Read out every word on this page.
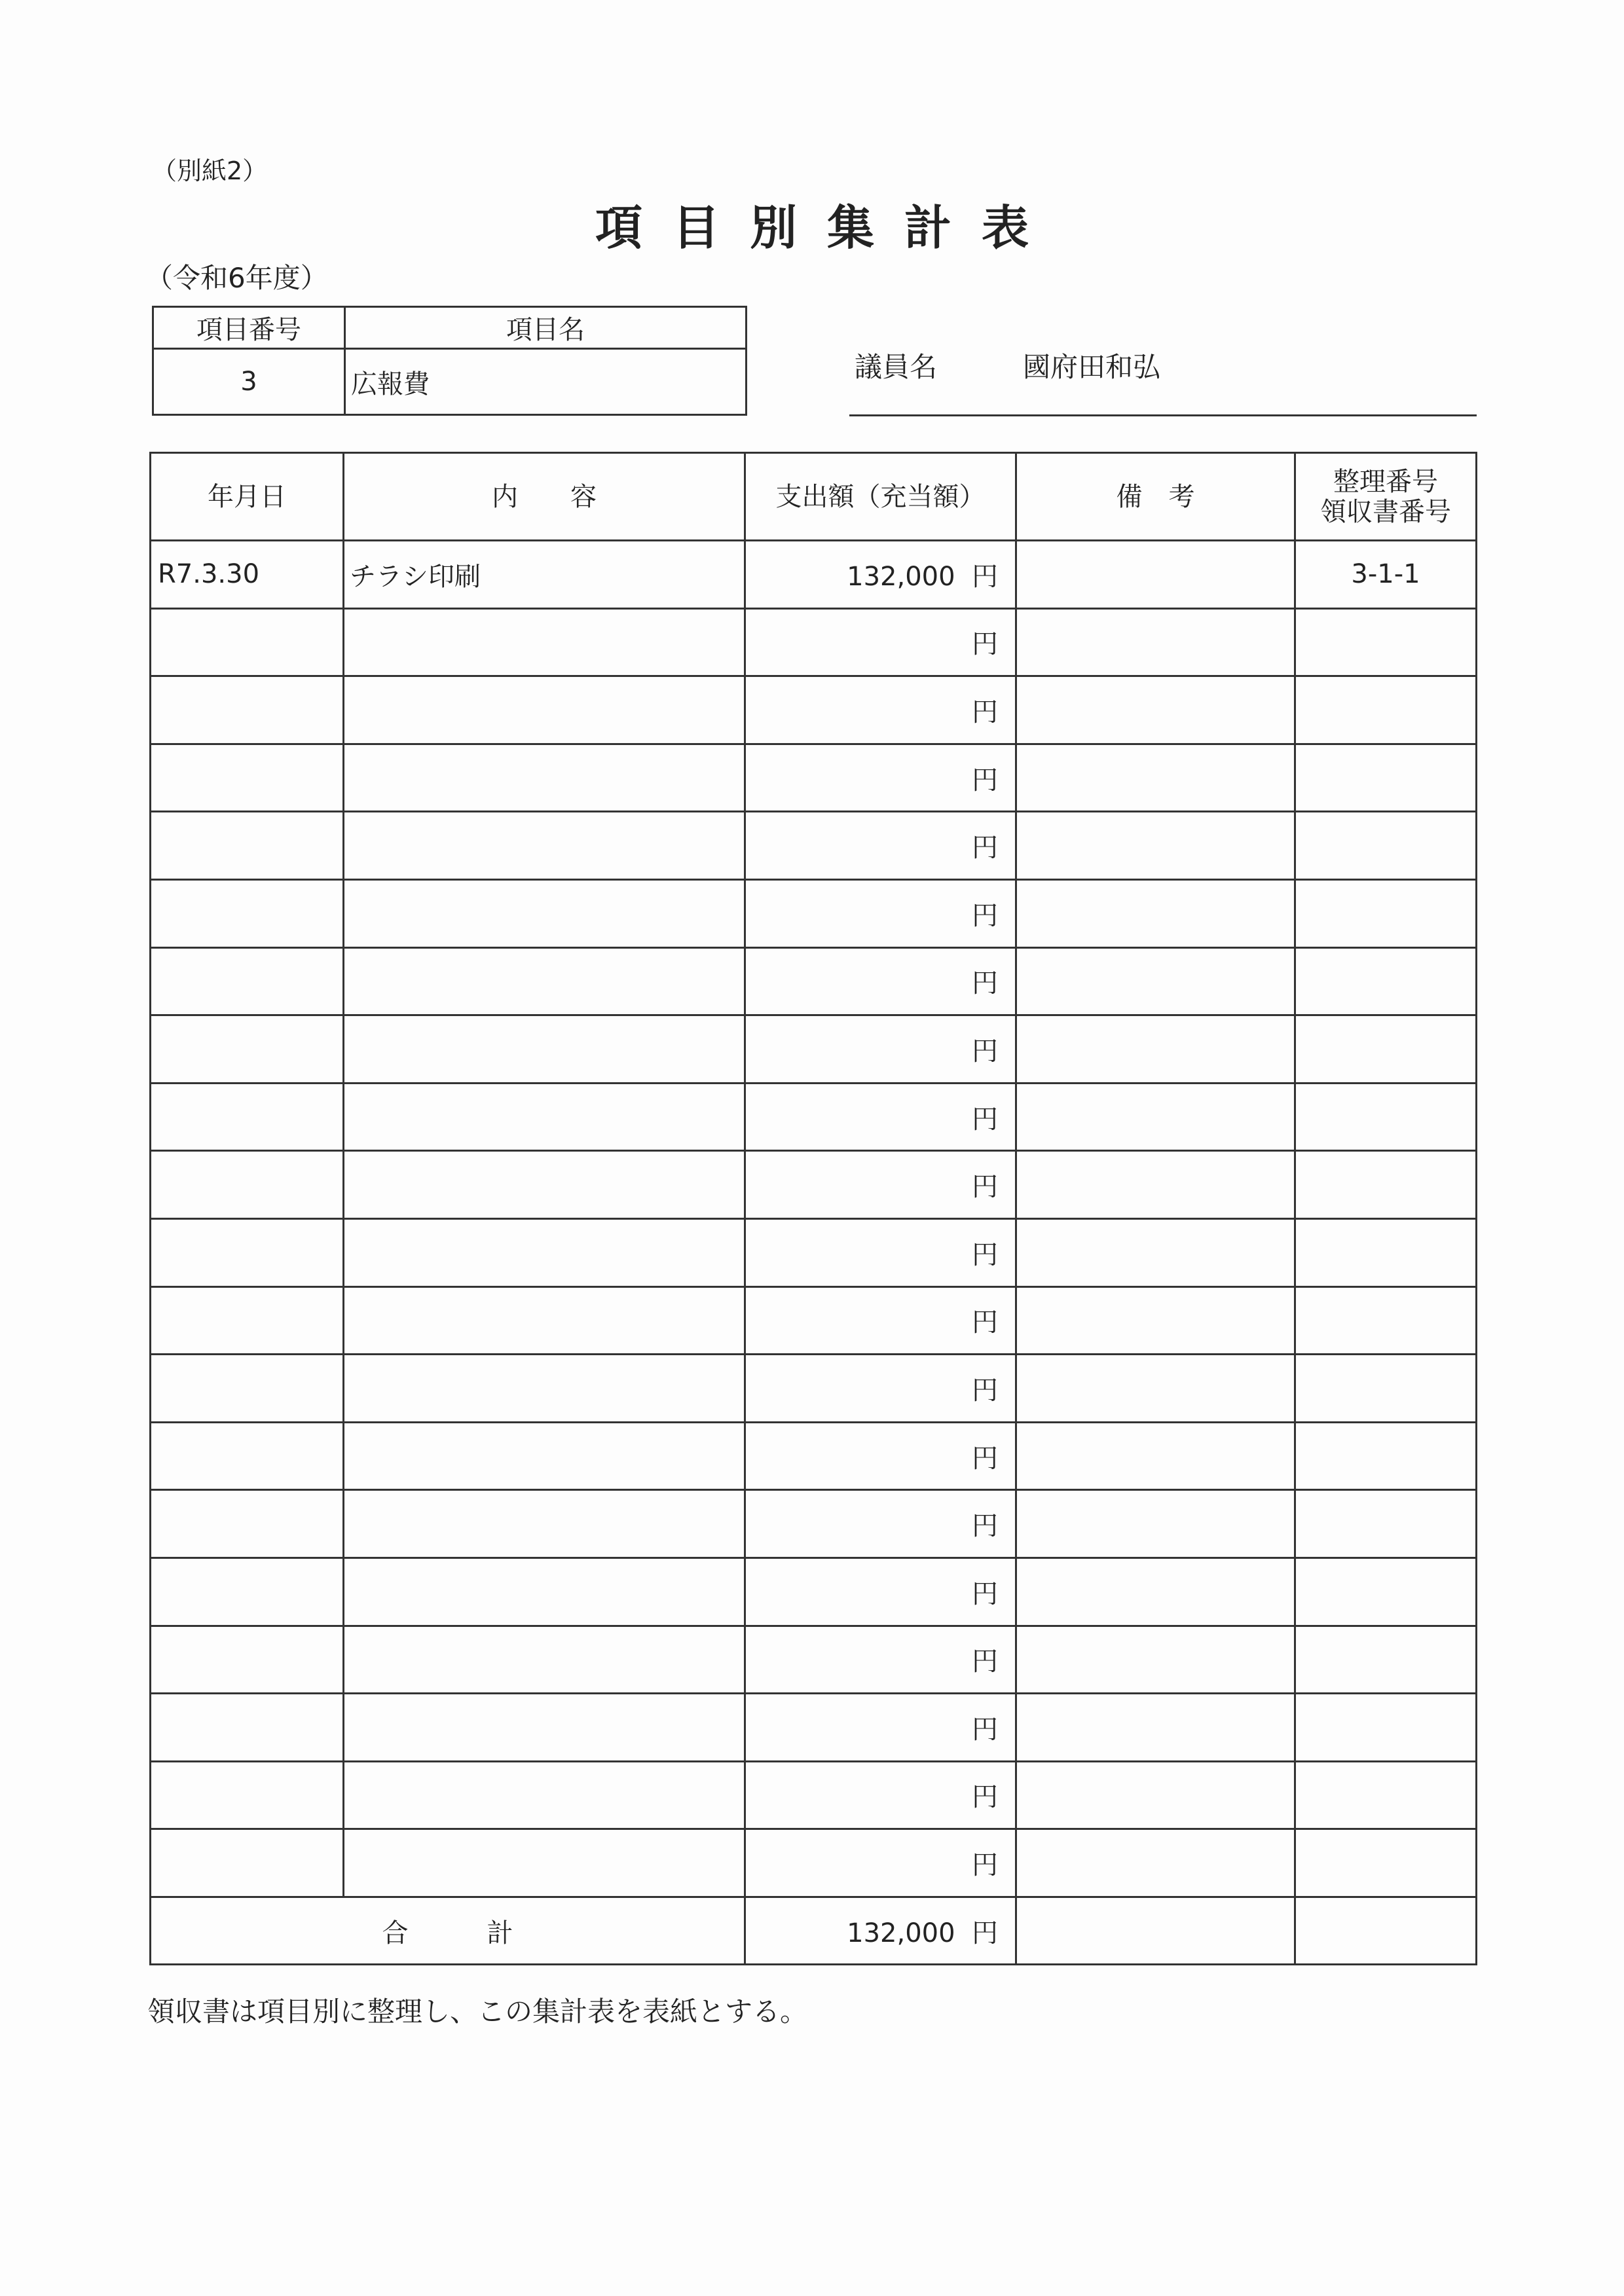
（別紙2）
項目別集計表
（令和6年度）
項目番号	項目名
3	広報費
議員名	國府田和弘
年月日	内　　容	支出額（充当額）	備　考	整理番号
領収書番号

R7.3.30	チラシ印刷	132,000 円		3-1-1
		円		
		円		
		円		
		円		
		円		
		円		
		円		
		円		
		円		
		円		
		円		
		円		
		円		
		円		
		円		
		円		
		円		
		円		
		円		
合　　　計		132,000 円		
領収書は項目別に整理し、この集計表を表紙とする。
